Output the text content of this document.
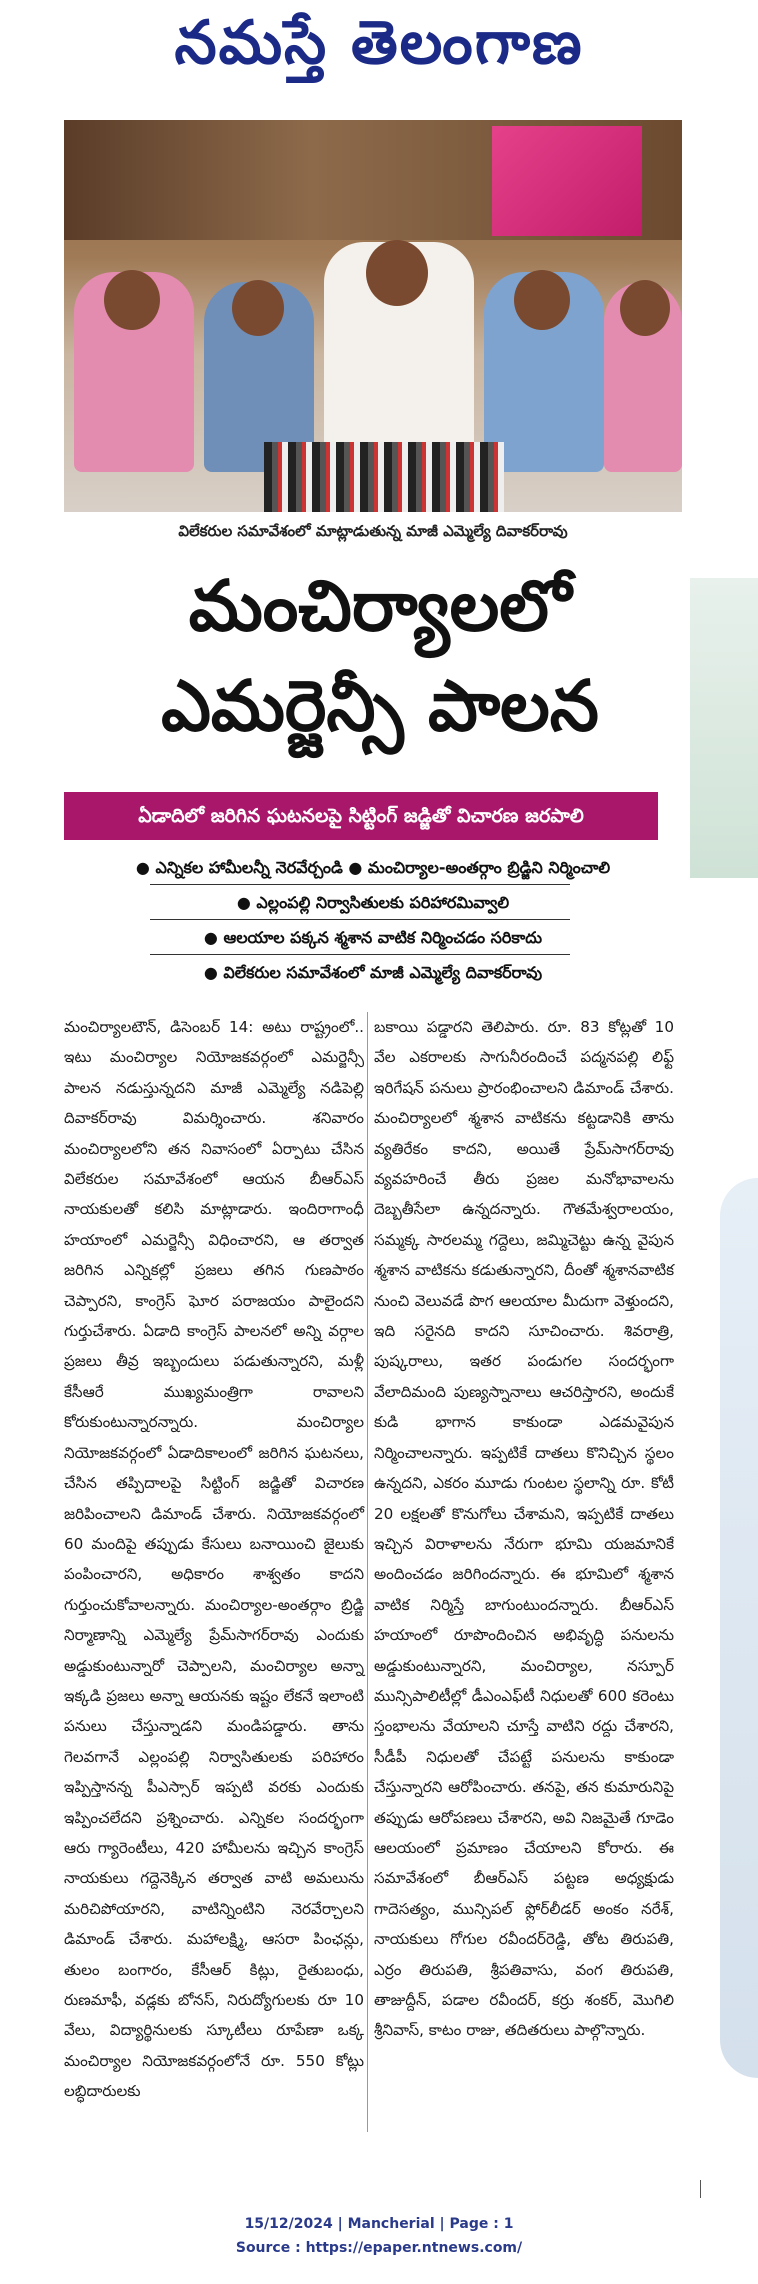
నమస్తే తెలంగాణ
విలేకరుల సమావేశంలో మాట్లాడుతున్న మాజీ ఎమ్మెల్యే దివాకర్‌రావు
మంచిర్యాలలో
ఎమర్జెన్సీ పాలన
ఏడాదిలో జరిగిన ఘటనలపై సిట్టింగ్ జడ్జితో విచారణ జరపాలి
● ఎన్నికల హామీలన్నీ నెరవేర్చండి ● మంచిర్యాల-అంతర్గాం బ్రిడ్జిని నిర్మించాలి
● ఎల్లంపల్లి నిర్వాసితులకు పరిహారమివ్వాలి
● ఆలయాల పక్కన శ్మశాన వాటిక నిర్మించడం సరికాదు
● విలేకరుల సమావేశంలో మాజీ ఎమ్మెల్యే దివాకర్‌రావు
మంచిర్యాలటౌన్, డిసెంబర్ 14: అటు రాష్ట్రంలో.. ఇటు మంచిర్యాల నియోజకవర్గంలో ఎమర్జెన్సీ పాలన నడుస్తున్నదని మాజీ ఎమ్మెల్యే నడిపెల్లి దివాకర్‌రావు విమర్శించారు. శనివారం మంచిర్యాలలోని తన నివాసంలో ఏర్పాటు చేసిన విలేకరుల సమావేశంలో ఆయన బీఆర్‌ఎస్ నాయకులతో కలిసి మాట్లాడారు. ఇందిరాగాంధీ హయాంలో ఎమర్జెన్సీ విధించారని, ఆ తర్వాత జరిగిన ఎన్నికల్లో ప్రజలు తగిన గుణపాఠం చెప్పారని, కాంగ్రెస్ ఘోర పరాజయం పాలైందని గుర్తుచేశారు. ఏడాది కాంగ్రెస్ పాలనలో అన్ని వర్గాల ప్రజలు తీవ్ర ఇబ్బందులు పడుతున్నారని, మళ్లీ కేసీఆరే ముఖ్యమంత్రిగా రావాలని కోరుకుంటున్నారన్నారు. మంచిర్యాల నియోజకవర్గంలో ఏడాదికాలంలో జరిగిన ఘటనలు, చేసిన తప్పిదాలపై సిట్టింగ్ జడ్జితో విచారణ జరిపించాలని డిమాండ్ చేశారు. నియోజకవర్గంలో 60 మందిపై తప్పుడు కేసులు బనాయించి జైలుకు పంపించారని, అధికారం శాశ్వతం కాదని గుర్తుంచుకోవాలన్నారు. మంచిర్యాల-అంతర్గాం బ్రిడ్జి నిర్మాణాన్ని ఎమ్మెల్యే ప్రేమ్‌సాగర్‌రావు ఎందుకు అడ్డుకుంటున్నారో చెప్పాలని, మంచిర్యాల అన్నా ఇక్కడి ప్రజలు అన్నా ఆయనకు ఇష్టం లేకనే ఇలాంటి పనులు చేస్తున్నాడని మండిపడ్డారు. తాను గెలవగానే ఎల్లంపల్లి నిర్వాసితులకు పరిహారం ఇప్పిస్తానన్న పీఎస్సార్ ఇప్పటి వరకు ఎందుకు ఇప్పించలేదని ప్రశ్నించారు. ఎన్నికల సందర్భంగా ఆరు గ్యారెంటీలు, 420 హామీలను ఇచ్చిన కాంగ్రెస్ నాయకులు గద్దెనెక్కిన తర్వాత వాటి అమలును మరిచిపోయారని, వాటిన్నింటిని నెరవేర్చాలని డిమాండ్ చేశారు. మహాలక్ష్మి, ఆసరా పింఛన్లు, తులం బంగారం, కేసీఆర్ కిట్లు, రైతుబంధు, రుణమాఫీ, వడ్లకు బోనస్, నిరుద్యోగులకు రూ 10 వేలు, విద్యార్థినులకు స్కూటీలు రూపేణా ఒక్క మంచిర్యాల నియోజకవర్గంలోనే రూ. 550 కోట్లు లబ్ధిదారులకు
బకాయి పడ్డారని తెలిపారు. రూ. 83 కోట్లతో 10 వేల ఎకరాలకు సాగునీరందించే పద్మనపల్లి లిఫ్ట్ ఇరిగేషన్ పనులు ప్రారంభించాలని డిమాండ్ చేశారు. మంచిర్యాలలో శ్మశాన వాటికను కట్టడానికి తాను వ్యతిరేకం కాదని, అయితే ప్రేమ్‌సాగర్‌రావు వ్యవహరించే తీరు ప్రజల మనోభావాలను దెబ్బతీసేలా ఉన్నదన్నారు. గౌతమేశ్వరాలయం, సమ్మక్క సారలమ్మ గద్దెలు, జమ్మిచెట్టు ఉన్న వైపున శ్మశాన వాటికను కడుతున్నారని, దీంతో శ్మశానవాటిక నుంచి వెలువడే పొగ ఆలయాల మీదుగా వెళ్తుందని, ఇది సరైనది కాదని సూచించారు. శివరాత్రి, పుష్కరాలు, ఇతర పండుగల సందర్భంగా వేలాదిమంది పుణ్యస్నానాలు ఆచరిస్తారని, అందుకే కుడి భాగాన కాకుండా ఎడమవైపున నిర్మించాలన్నారు. ఇప్పటికే దాతలు కొనిచ్చిన స్థలం ఉన్నదని, ఎకరం మూడు గుంటల స్థలాన్ని రూ. కోటీ 20 లక్షలతో కొనుగోలు చేశామని, ఇప్పటికే దాతలు ఇచ్చిన విరాళాలను నేరుగా భూమి యజమానికే అందించడం జరిగిందన్నారు. ఈ భూమిలో శ్మశాన వాటిక నిర్మిస్తే బాగుంటుందన్నారు. బీఆర్‌ఎస్ హయాంలో రూపొందించిన అభివృద్ధి పనులను అడ్డుకుంటున్నారని, మంచిర్యాల, నస్పూర్ మున్సిపాలిటీల్లో డీఎంఎఫ్‌టీ నిధులతో 600 కరెంటు స్తంభాలను వేయాలని చూస్తే వాటిని రద్దు చేశారని, సీడీపీ నిధులతో చేపట్టే పనులను కాకుండా చేస్తున్నారని ఆరోపించారు. తనపై, తన కుమారునిపై తప్పుడు ఆరోపణలు చేశారని, అవి నిజమైతే గూడెం ఆలయంలో ప్రమాణం చేయాలని కోరారు. ఈ సమావేశంలో బీఆర్‌ఎస్ పట్టణ అధ్యక్షుడు గాదెసత్యం, మున్సిపల్ ఫ్లోర్‌లీడర్ అంకం నరేశ్, నాయకులు గోగుల రవీందర్‌రెడ్డి, తోట తిరుపతి, ఎర్రం తిరుపతి, శ్రీపతివాసు, వంగ తిరుపతి, తాజుద్దీన్, పడాల రవీందర్, కర్రు శంకర్, మొగిలి శ్రీనివాస్, కాటం రాజు, తదితరులు పాల్గొన్నారు.
15/12/2024 | Mancherial | Page : 1
Source : https://epaper.ntnews.com/
